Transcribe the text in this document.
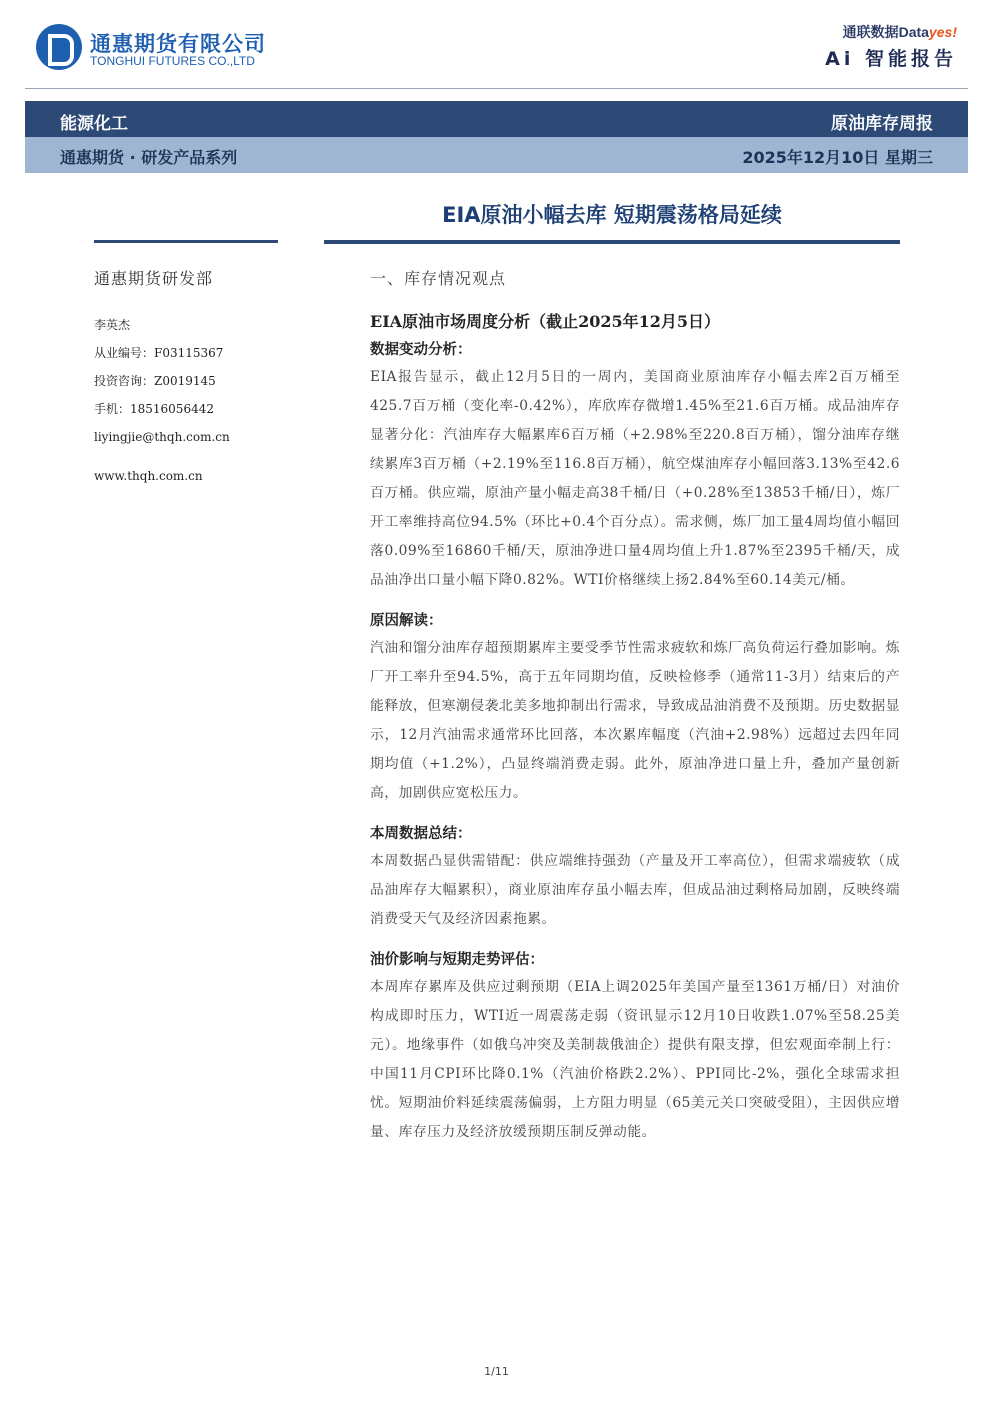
通惠期货有限公司
TONGHUI FUTURES CO.,LTD
通联数据Datayes!
Ai 智能报告
能源化工	原油库存周报
通惠期货 · 研发产品系列	2025年12月10日 星期三
EIA原油小幅去库 短期震荡格局延续
通惠期货研发部
李英杰
从业编号：F03115367
投资咨询：Z0019145
手机：18516056442
liyingjie@thqh.com.cn
www.thqh.com.cn
一、库存情况观点
EIA原油市场周度分析（截止2025年12月5日）
数据变动分析：

EIA报告显示，截止12月5日的一周内，美国商业原油库存小幅去库2百万桶至425.7百万桶（变化率-0.42%），库欣库存微增1.45%至21.6百万桶。成品油库存显著分化：汽油库存大幅累库6百万桶（+2.98%至220.8百万桶），馏分油库存继续累库3百万桶（+2.19%至116.8百万桶），航空煤油库存小幅回落3.13%至42.6百万桶。供应端，原油产量小幅走高38千桶/日（+0.28%至13853千桶/日），炼厂开工率维持高位94.5%（环比+0.4个百分点）。需求侧，炼厂加工量4周均值小幅回落0.09%至16860千桶/天，原油净进口量4周均值上升1.87%至2395千桶/天，成品油净出口量小幅下降0.82%。WTI价格继续上扬2.84%至60.14美元/桶。

原因解读：

汽油和馏分油库存超预期累库主要受季节性需求疲软和炼厂高负荷运行叠加影响。炼厂开工率升至94.5%，高于五年同期均值，反映检修季（通常11-3月）结束后的产能释放，但寒潮侵袭北美多地抑制出行需求，导致成品油消费不及预期。历史数据显示，12月汽油需求通常环比回落，本次累库幅度（汽油+2.98%）远超过去四年同期均值（+1.2%），凸显终端消费走弱。此外，原油净进口量上升，叠加产量创新高，加剧供应宽松压力。

本周数据总结：

本周数据凸显供需错配：供应端维持强劲（产量及开工率高位），但需求端疲软（成品油库存大幅累积），商业原油库存虽小幅去库，但成品油过剩格局加剧，反映终端消费受天气及经济因素拖累。

油价影响与短期走势评估：

本周库存累库及供应过剩预期（EIA上调2025年美国产量至1361万桶/日）对油价构成即时压力，WTI近一周震荡走弱（资讯显示12月10日收跌1.07%至58.25美元）。地缘事件（如俄乌冲突及美制裁俄油企）提供有限支撑，但宏观面牵制上行：中国11月CPI环比降0.1%（汽油价格跌2.2%）、PPI同比-2%，强化全球需求担忧。短期油价料延续震荡偏弱，上方阻力明显（65美元关口突破受阻），主因供应增量、库存压力及经济放缓预期压制反弹动能。

1/11
